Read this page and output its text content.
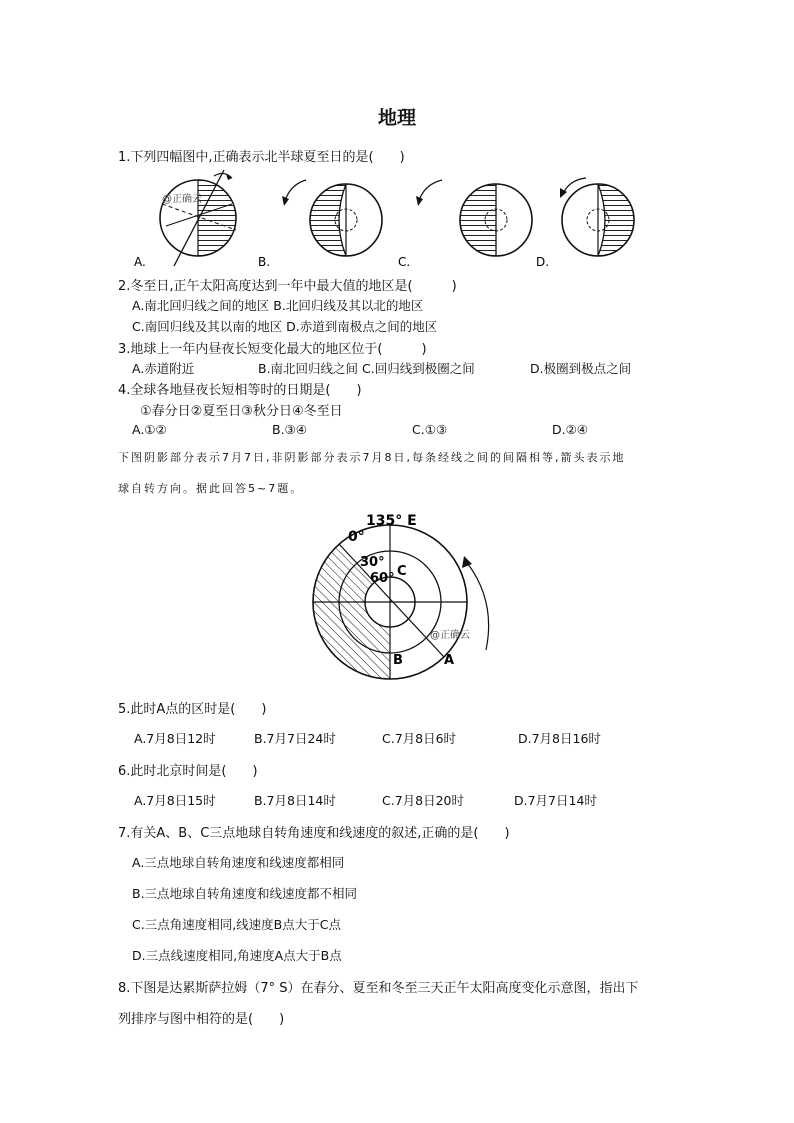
地理
1.下列四幅图中,正确表示北半球夏至日的是(　　)
@正确云
A.	B.	C.	D.
2.冬至日,正午太阳高度达到一年中最大值的地区是(　　　)
A.南北回归线之间的地区 B.北回归线及其以北的地区
C.南回归线及其以南的地区 D.赤道到南极点之间的地区
3.地球上一年内昼夜长短变化最大的地区位于(　　　)
A.赤道附近	B.南北回归线之间 C.回归线到极圈之间	D.极圈到极点之间
4.全球各地昼夜长短相等时的日期是(　　)
①春分日②夏至日③秋分日④冬至日
A.①②	B.③④	C.①③	D.②④
下图阴影部分表示7月7日,非阴影部分表示7月8日,每条经线之间的间隔相等,箭头表示地
球自转方向。据此回答5~7题。
135° E
0°
30°
60° C
B	A
@正确云
5.此时A点的区时是(　　)
A.7月8日12时	B.7月7日24时	C.7月8日6时	D.7月8日16时
6.此时北京时间是(　　)
A.7月8日15时	B.7月8日14时	C.7月8日20时	D.7月7日14时
7.有关A、B、C三点地球自转角速度和线速度的叙述,正确的是(　　)
A.三点地球自转角速度和线速度都相同
B.三点地球自转角速度和线速度都不相同
C.三点角速度相同,线速度B点大于C点
D.三点线速度相同,角速度A点大于B点
8.下图是达累斯萨拉姆（7° S）在春分、夏至和冬至三天正午太阳高度变化示意图，指出下
列排序与图中相符的是(　　)
